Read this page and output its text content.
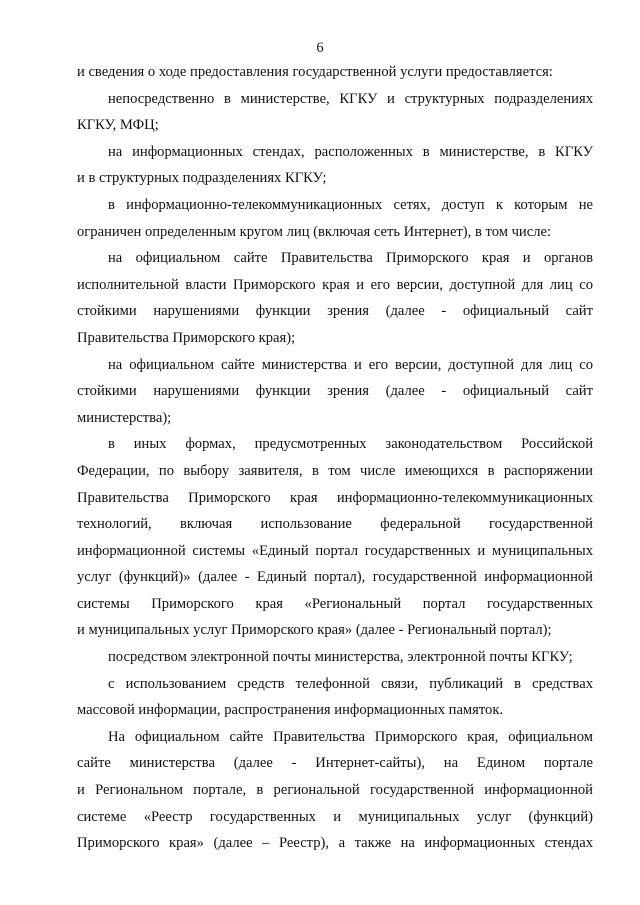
6
и сведения о ходе предоставления государственной услуги предоставляется:
непосредственно в министерстве, КГКУ и структурных подразделениях
КГКУ, МФЦ;
на информационных стендах, расположенных в министерстве, в КГКУ
и в структурных подразделениях КГКУ;
в информационно-телекоммуникационных сетях, доступ к которым не
ограничен определенным кругом лиц (включая сеть Интернет), в том числе:
на официальном сайте Правительства Приморского края и органов
исполнительной власти Приморского края и его версии, доступной для лиц со
стойкими нарушениями функции зрения (далее - официальный сайт
Правительства Приморского края);
на официальном сайте министерства и его версии, доступной для лиц со
стойкими нарушениями функции зрения (далее - официальный сайт
министерства);
в иных формах, предусмотренных законодательством Российской
Федерации, по выбору заявителя, в том числе имеющихся в распоряжении
Правительства Приморского края информационно-телекоммуникационных
технологий, включая использование федеральной государственной
информационной системы «Единый портал государственных и муниципальных
услуг (функций)» (далее - Единый портал), государственной информационной
системы Приморского края «Региональный портал государственных
и муниципальных услуг Приморского края» (далее - Региональный портал);
посредством электронной почты министерства, электронной почты КГКУ;
с использованием средств телефонной связи, публикаций в средствах
массовой информации, распространения информационных памяток.
На официальном сайте Правительства Приморского края, официальном
сайте министерства (далее - Интернет-сайты), на Едином портале
и Региональном портале, в региональной государственной информационной
системе «Реестр государственных и муниципальных услуг (функций)
Приморского края» (далее – Реестр), а также на информационных стендах
